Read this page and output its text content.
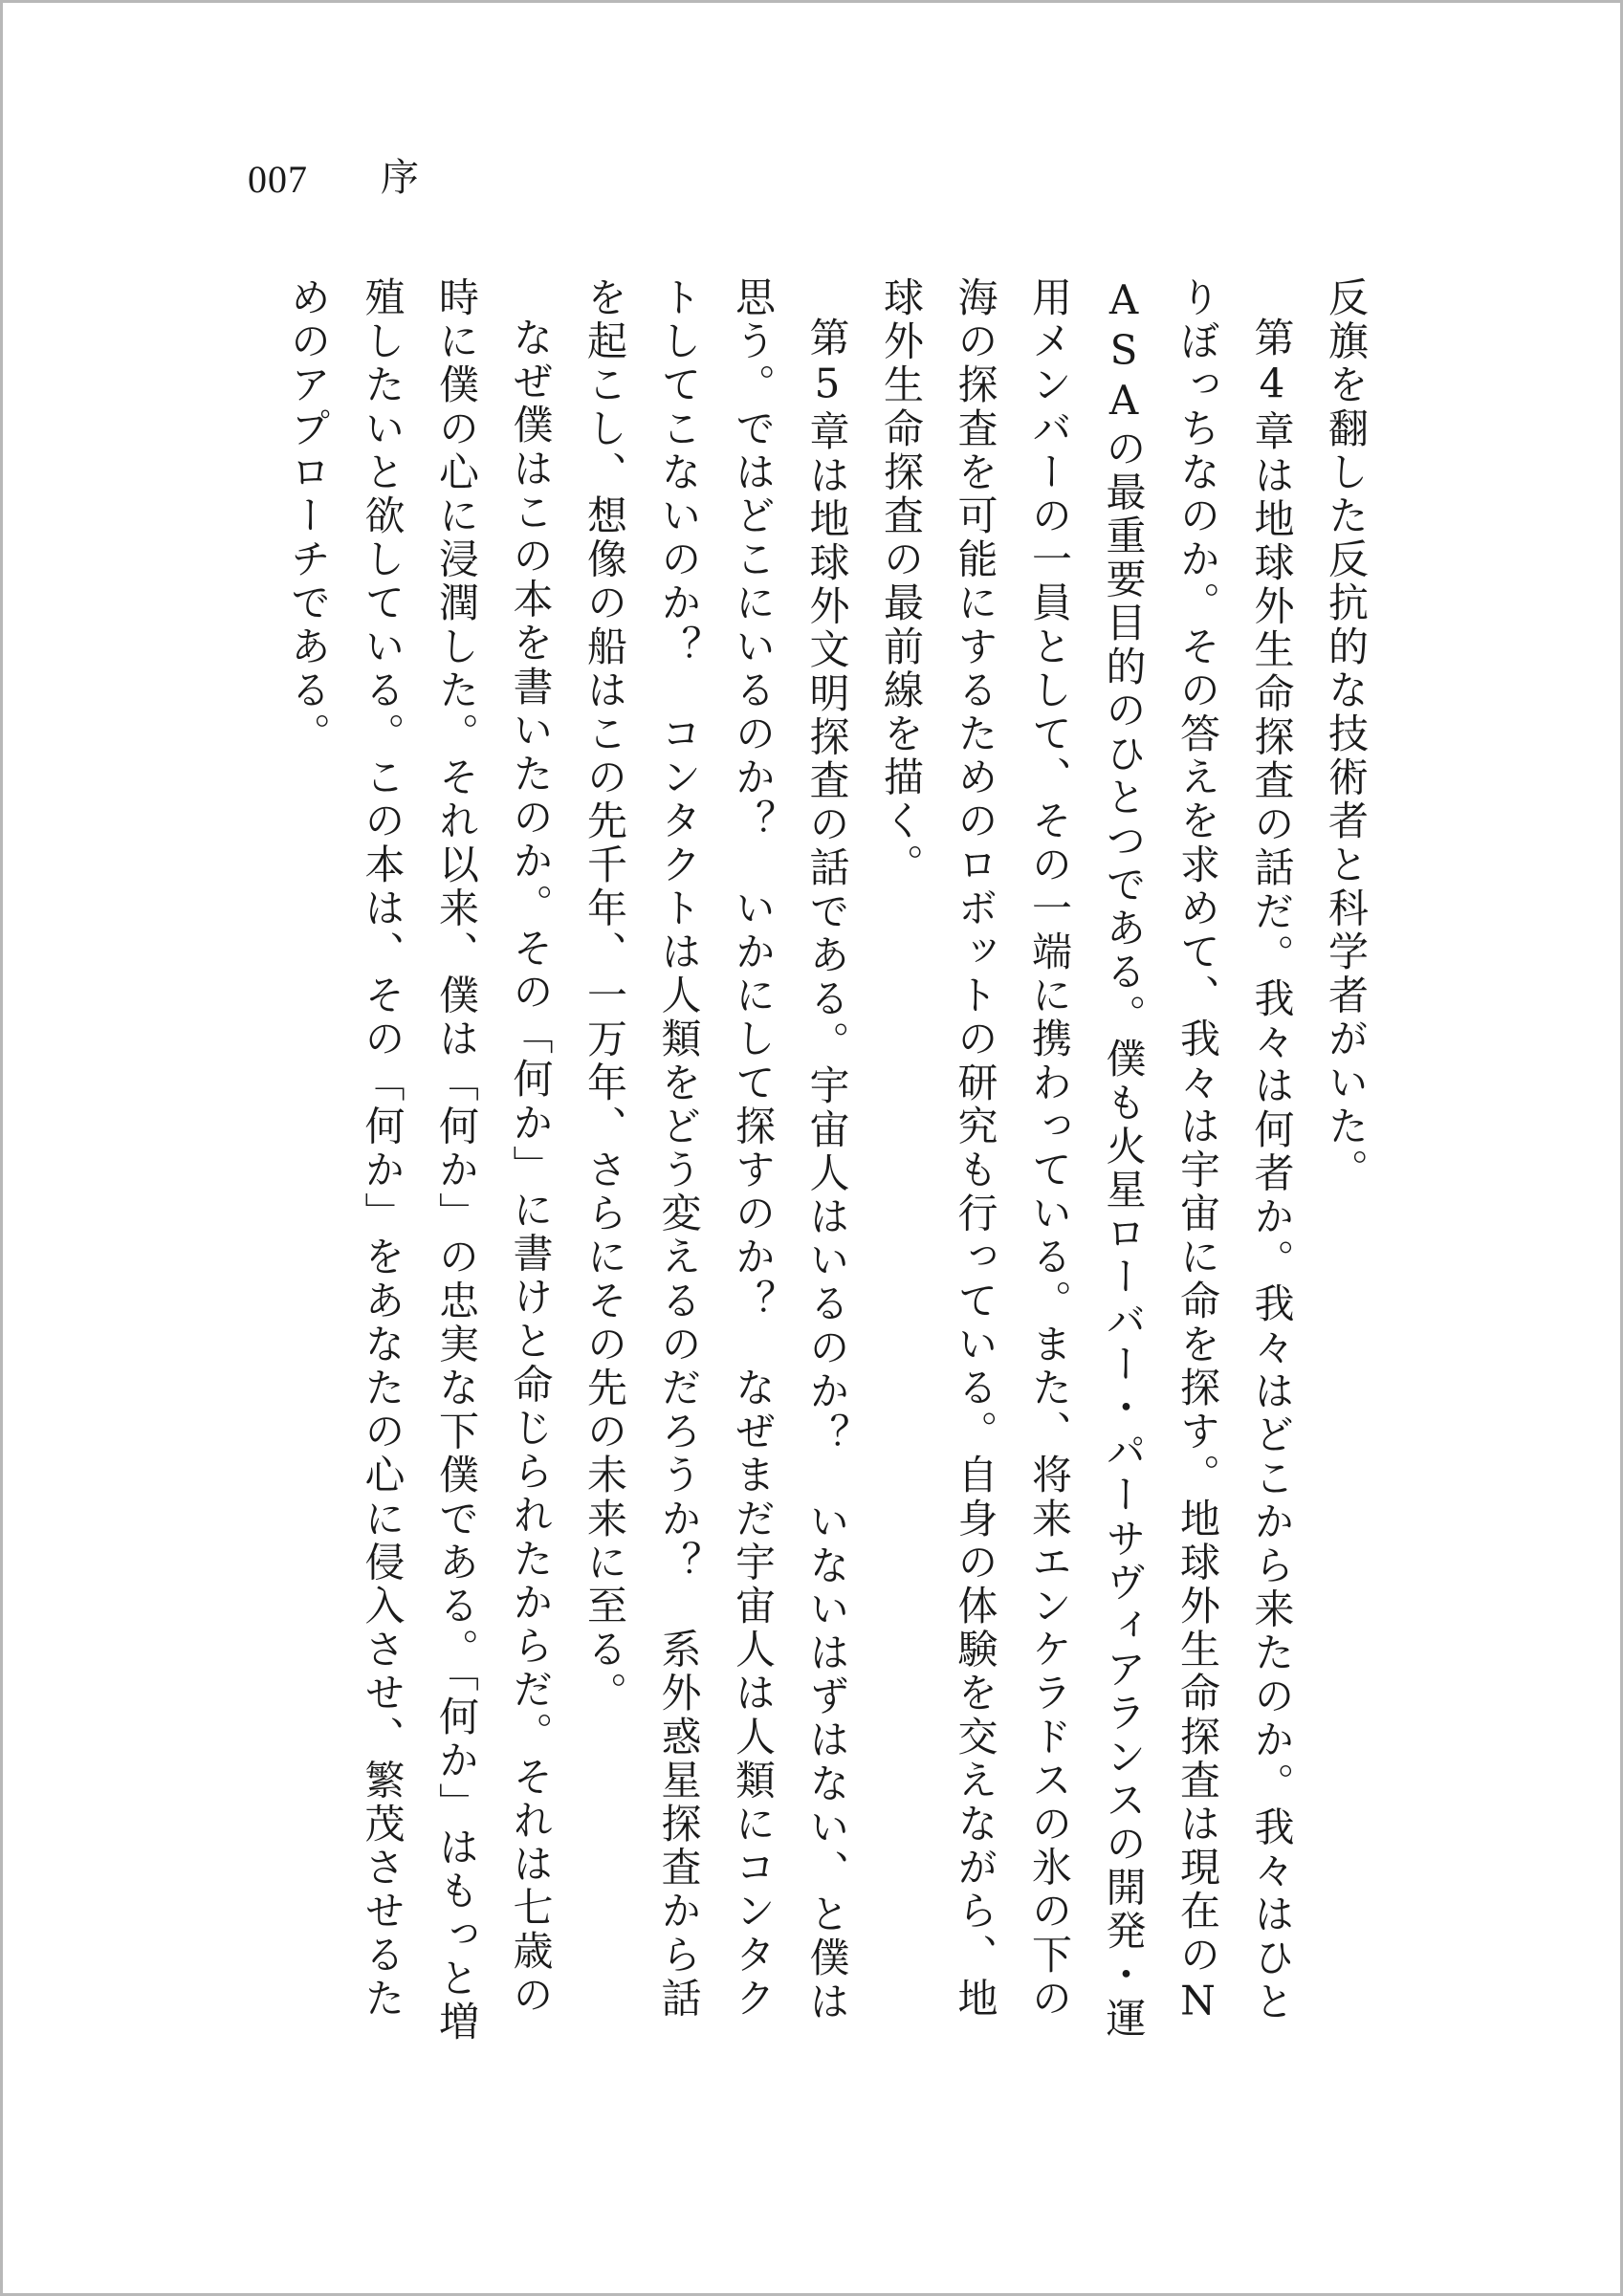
007 序

反旗を翻した反抗的な技術者と科学者がいた。

第4章は地球外生命探査の話だ。我々は何者か。我々はどこから来たのか。我々はひとりぼっちなのか。その答えを求めて、我々は宇宙に命を探す。地球外生命探査は現在のNASAの最重要目的のひとつである。僕も火星ローバー・パーサヴィアランスの開発・運用メンバーの一員として、その一端に携わっている。また、将来エンケラドスの氷の下の海の探査を可能にするためのロボットの研究も行っている。自身の体験を交えながら、地球外生命探査の最前線を描く。

第5章は地球外文明探査の話である。宇宙人はいるのか？　いないはずはない、と僕は思う。ではどこにいるのか？　いかにして探すのか？　なぜまだ宇宙人は人類にコンタクトしてこないのか？　コンタクトは人類をどう変えるのだろうか？　系外惑星探査から話を起こし、想像の船はこの先千年、一万年、さらにその先の未来に至る。

なぜ僕はこの本を書いたのか。その「何か」に書けと命じられたからだ。それは七歳の時に僕の心に浸潤した。それ以来、僕は「何か」の忠実な下僕である。「何か」はもっと増殖したいと欲している。この本は、その「何か」をあなたの心に侵入させ、繁茂させるためのアプローチである。
